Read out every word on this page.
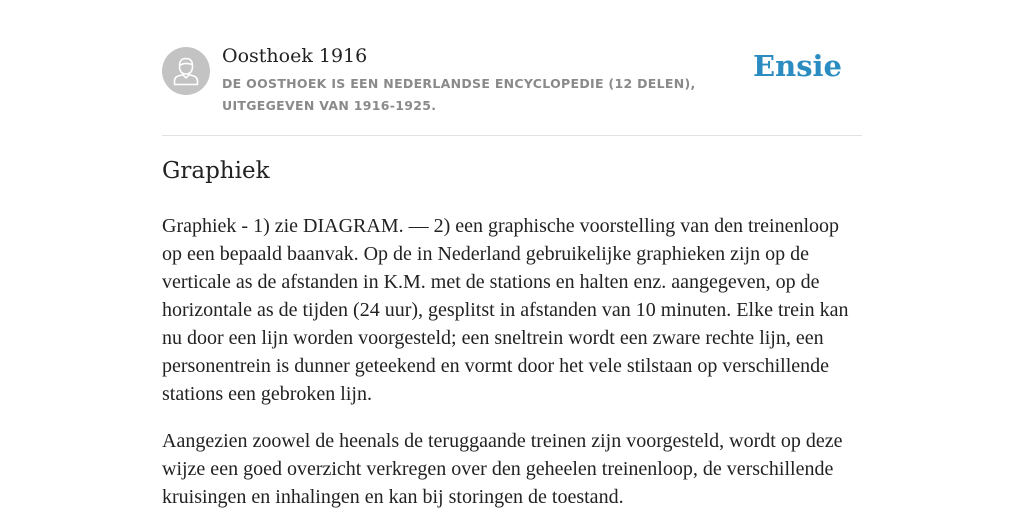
Oosthoek 1916
DE OOSTHOEK IS EEN NEDERLANDSE ENCYCLOPEDIE (12 DELEN), UITGEGEVEN VAN 1916-1925.
Ensie
Graphiek

Graphiek - 1) zie DIAGRAM. — 2) een graphische voorstelling van den treinenloop op een bepaald baanvak. Op de in Nederland gebruikelijke graphieken zijn op de verticale as de afstanden in K.M. met de stations en halten enz. aangegeven, op de horizontale as de tijden (24 uur), gesplitst in afstanden van 10 minuten. Elke trein kan nu door een lijn worden voorgesteld; een sneltrein wordt een zware rechte lijn, een personentrein is dunner geteekend en vormt door het vele stilstaan op verschillende stations een gebroken lijn.

Aangezien zoowel de heenals de teruggaande treinen zijn voorgesteld, wordt op deze wijze een goed overzicht verkregen over den geheelen treinenloop, de verschillende kruisingen en inhalingen en kan bij storingen de toestand.
